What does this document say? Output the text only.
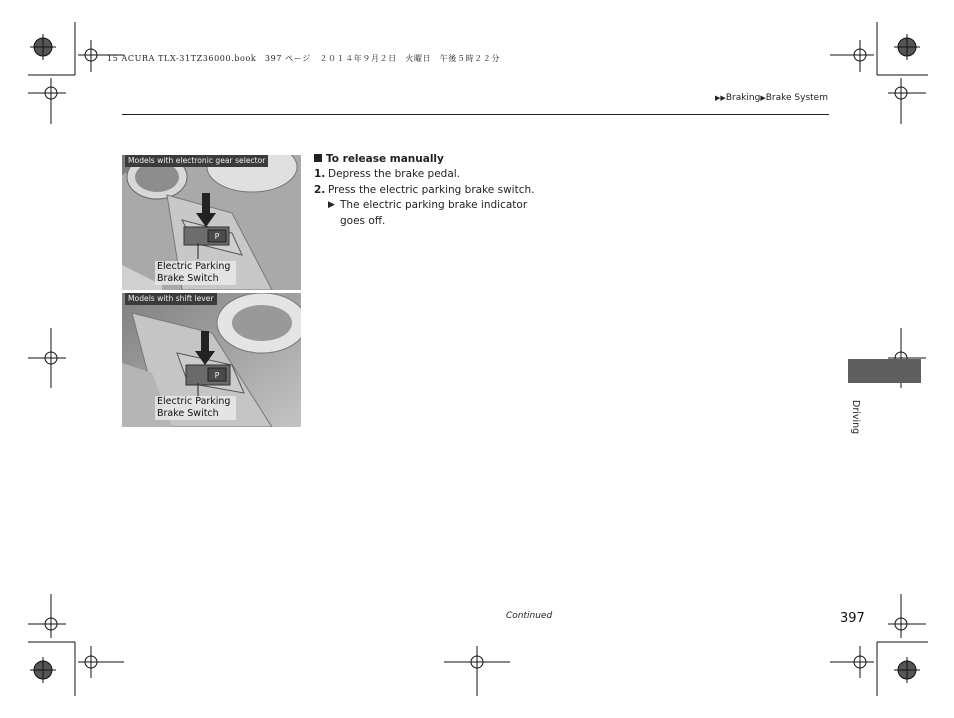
15 ACURA TLX-31TZ36000.book　397 ページ　２０１４年９月２日　火曜日　午後５時２２分
▶▶Braking▶Brake System
P
Models with electronic gear selector
Electric Parking
Brake Switch
P
Models with shift lever
Electric Parking
Brake Switch
To release manually
1. Depress the brake pedal.
2. Press the electric parking brake switch.
▶ The electric parking brake indicator goes off.
Driving
Continued	397
